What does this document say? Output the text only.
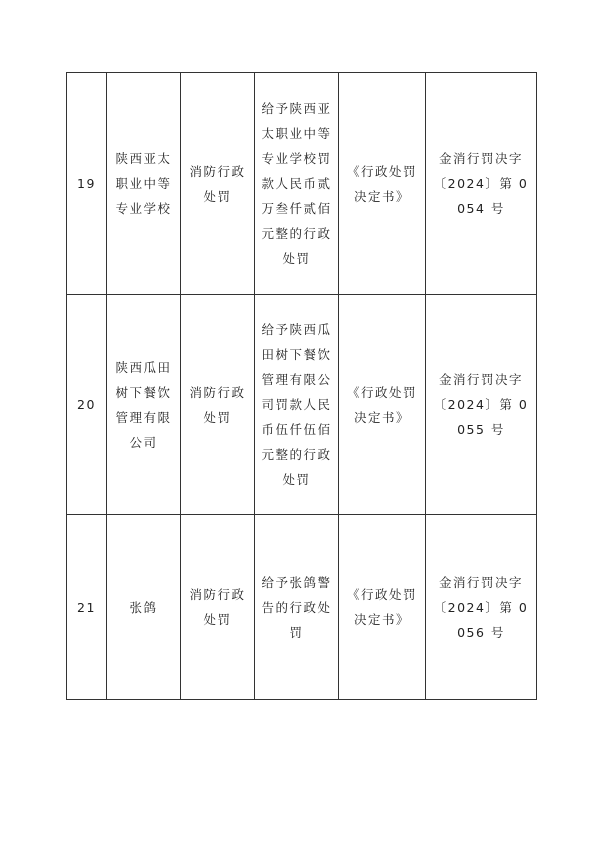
19	陕西亚太职业中等专业学校	消防行政处罚	给予陕西亚太职业中等专业学校罚款人民币贰万叁仟贰佰元整的行政处罚	《行政处罚决定书》	金消行罚决字〔2024〕第 0054 号
20	陕西瓜田树下餐饮管理有限公司	消防行政处罚	给予陕西瓜田树下餐饮管理有限公司罚款人民币伍仟伍佰元整的行政处罚	《行政处罚决定书》	金消行罚决字〔2024〕第 0055 号
21	张鸽	消防行政处罚	给予张鸽警告的行政处罚	《行政处罚决定书》	金消行罚决字〔2024〕第 0056 号
